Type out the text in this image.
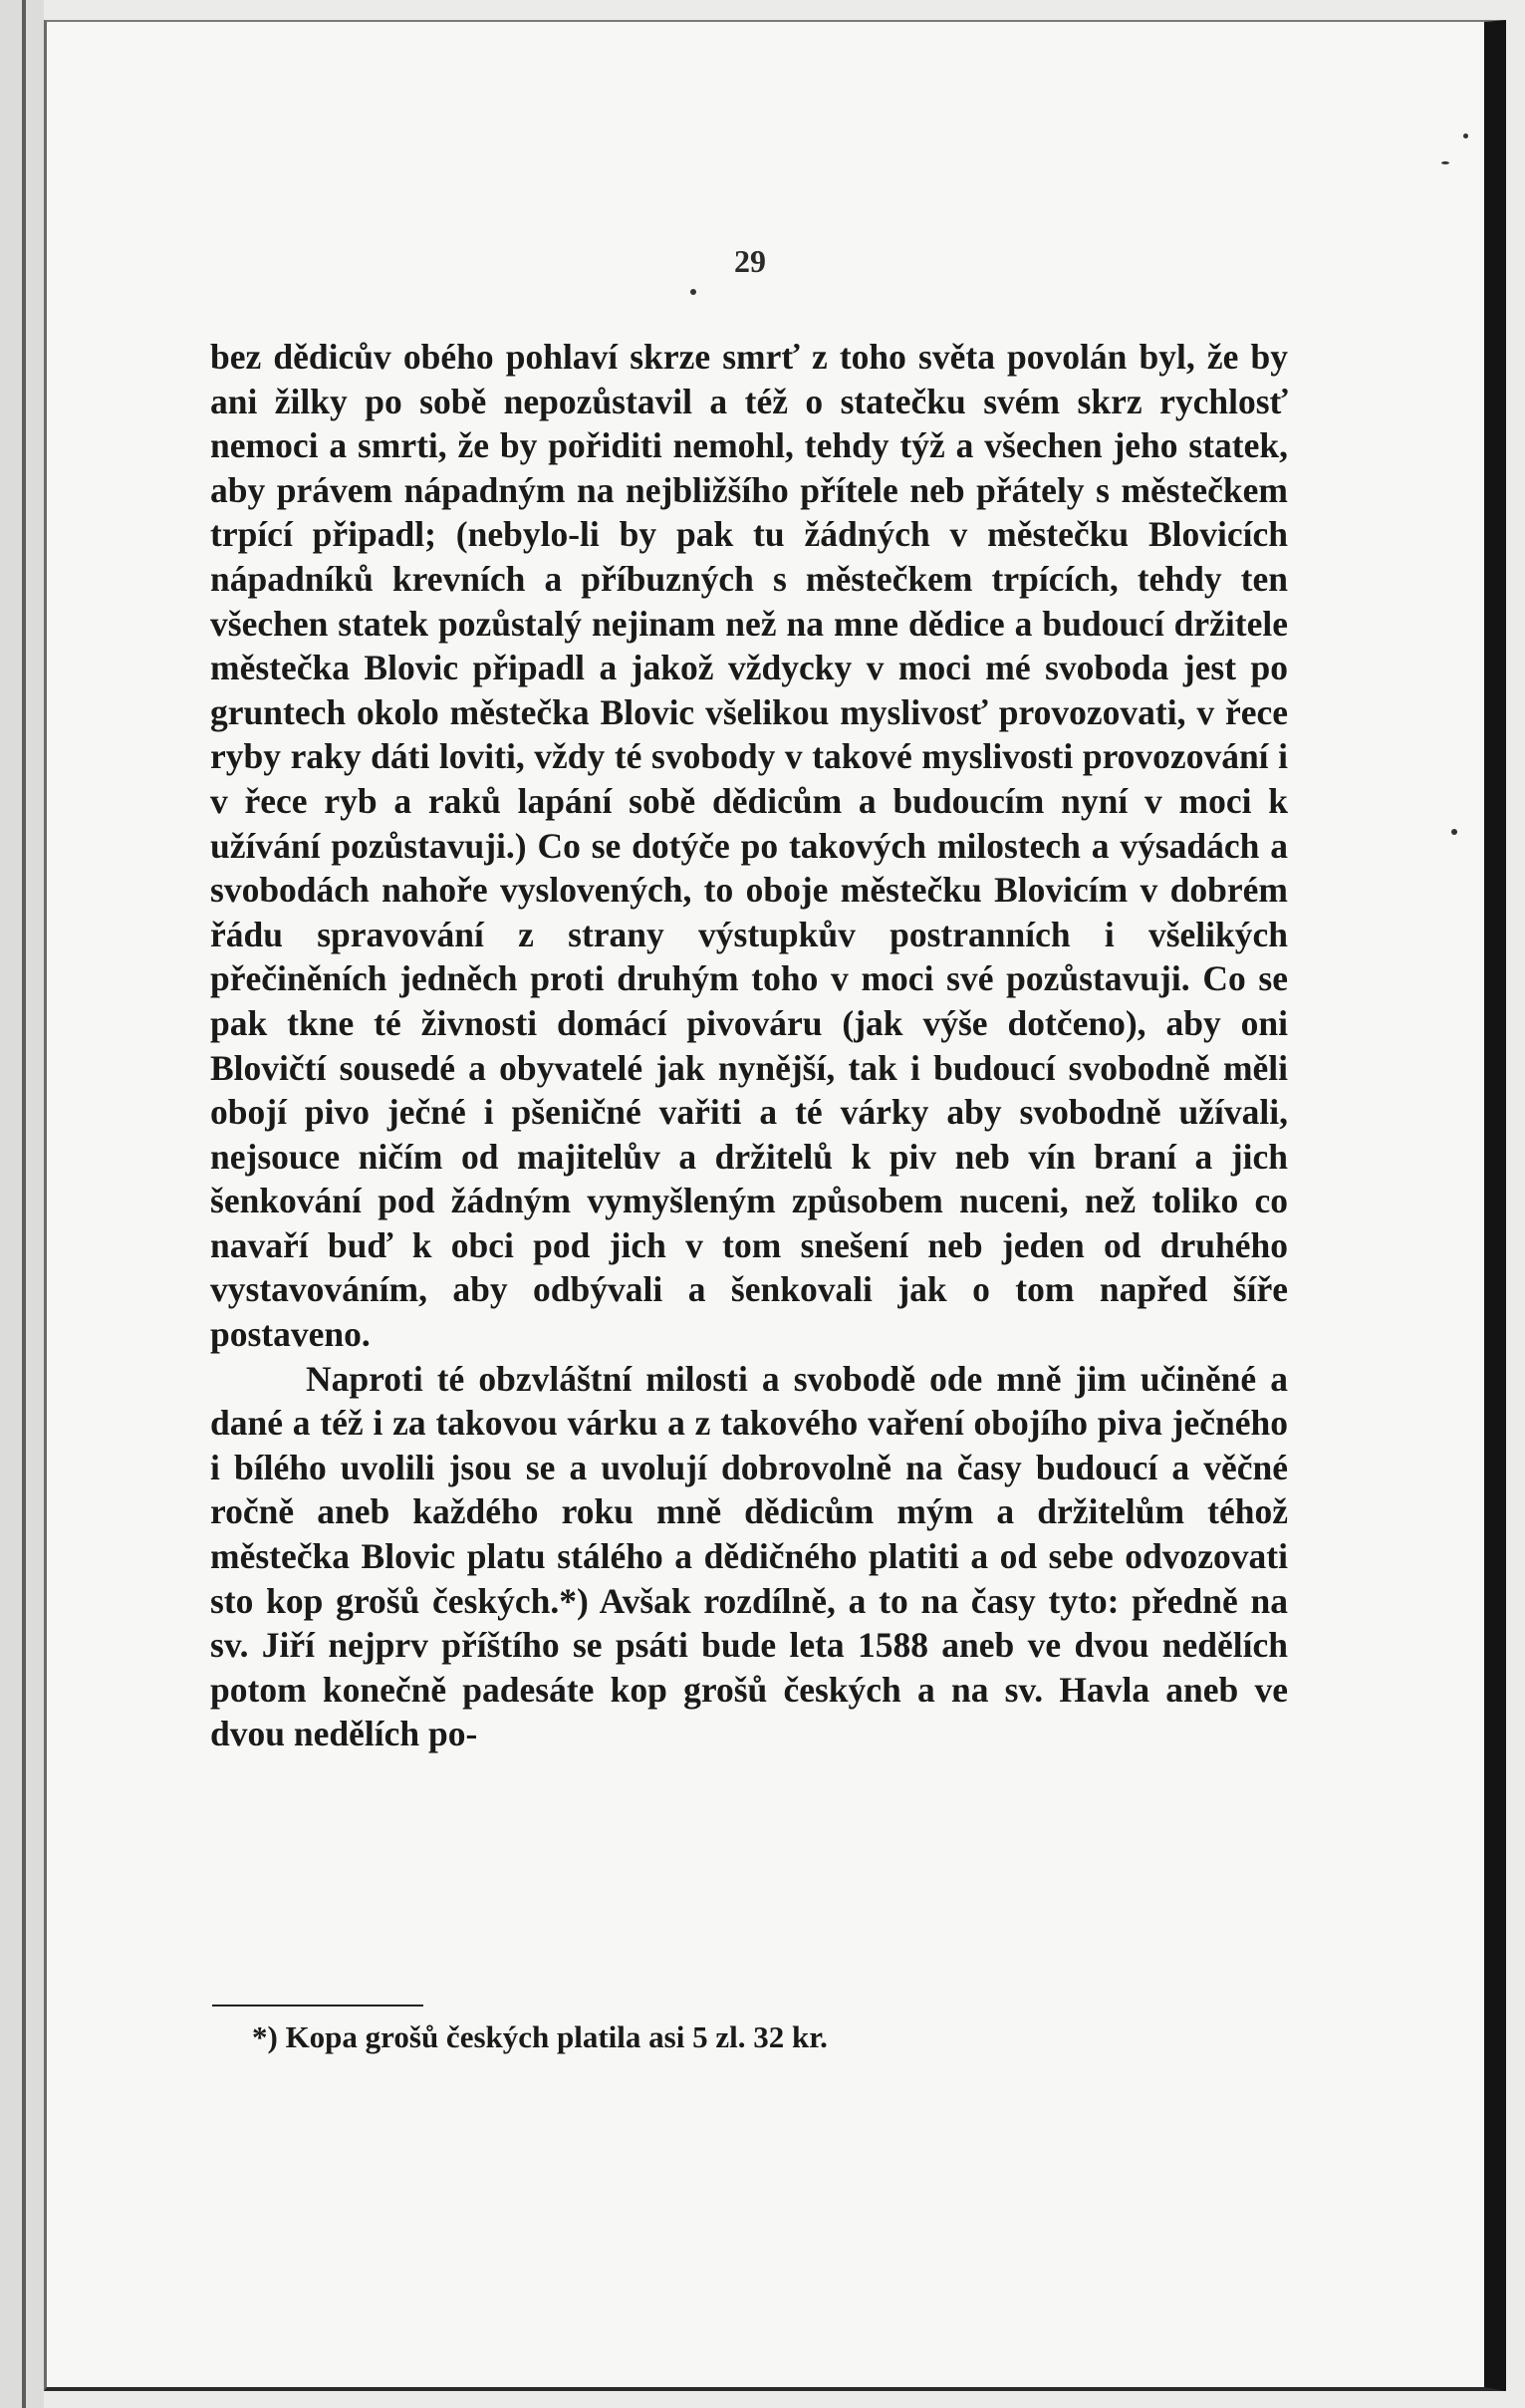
29

bez dědicův obého pohlaví skrze smrť z toho světa povolán byl, že by ani žilky po sobě nepozůstavil a též o statečku svém skrz rychlosť nemoci a smrti, že by pořiditi nemohl, tehdy týž a všechen jeho statek, aby právem nápadným na nejbližšího přítele neb přátely s městečkem trpící připadl; (nebylo-li by pak tu žádných v městečku Blovicích nápadníků krevních a příbuzných s městečkem trpících, tehdy ten všechen statek pozůstalý nejinam než na mne dědice a budoucí držitele městečka Blovic připadl a jakož vždycky v moci mé svoboda jest po gruntech okolo městečka Blovic všelikou myslivosť provozovati, v řece ryby raky dáti loviti, vždy té svobody v takové myslivosti provozování i v řece ryb a raků lapání sobě dědicům a budoucím nyní v moci k užívání pozůstavuji.) Co se dotýče po takových milostech a výsadách a svobodách nahoře vyslovených, to oboje městečku Blovicím v dobrém řádu spravování z strany výstupkův postranních i všelikých přečiněních jedněch proti druhým toho v moci své pozůstavuji. Co se pak tkne té živnosti domácí pivováru (jak výše dotčeno), aby oni Blovičtí sousedé a obyvatelé jak nynější, tak i budoucí svobodně měli obojí pivo ječné i pšeničné vařiti a té várky aby svobodně užívali, nejsouce ničím od majitelův a držitelů k piv neb vín braní a jich šenkování pod žádným vymyšleným způsobem nuceni, než toliko co navaří buď k obci pod jich v tom snešení neb jeden od druhého vystavováním, aby odbývali a šenkovali jak o tom napřed šíře postaveno.

Naproti té obzvláštní milosti a svobodě ode mně jim učiněné a dané a též i za takovou várku a z takového vaření obojího piva ječného i bílého uvolili jsou se a uvolují dobrovolně na časy budoucí a věčné ročně aneb každého roku mně dědicům mým a držitelům téhož městečka Blovic platu stálého a dědičného platiti a od sebe odvozovati sto kop grošů českých.*) Avšak rozdílně, a to na časy tyto: předně na sv. Jiří nejprv příštího se psáti bude leta 1588 aneb ve dvou nedělích potom konečně padesáte kop grošů českých a na sv. Havla aneb ve dvou nedělích po-

*) Kopa grošů českých platila asi 5 zl. 32 kr.
